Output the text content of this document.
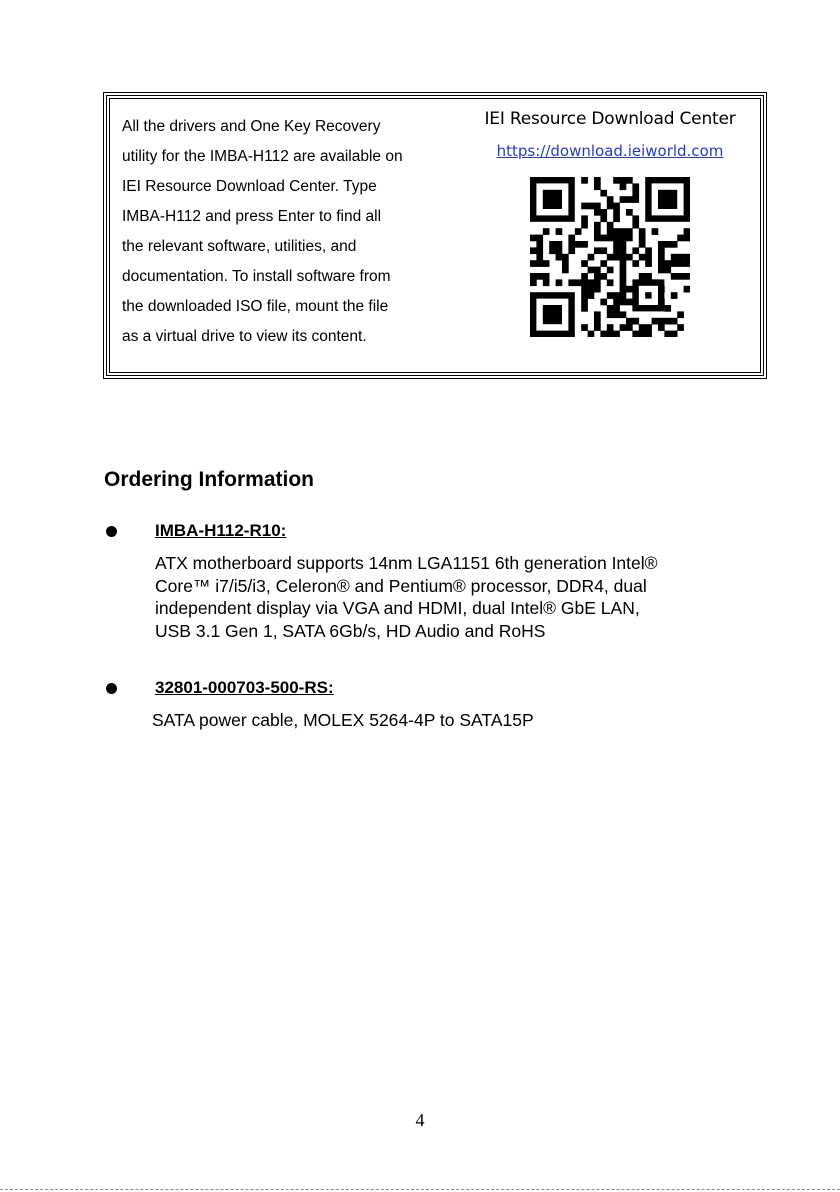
All the drivers and One Key Recovery
utility for the IMBA-H112 are available on
IEI Resource Download Center. Type
IMBA-H112 and press Enter to find all
the relevant software, utilities, and
documentation. To install software from
the downloaded ISO file, mount the file
as a virtual drive to view its content.
IEI Resource Download Center
https://download.ieiworld.com
Ordering Information
IMBA-H112-R10:
ATX motherboard supports 14nm LGA1151 6th generation Intel®
Core™ i7/i5/i3, Celeron® and Pentium® processor, DDR4, dual
independent display via VGA and HDMI, dual Intel® GbE LAN,
USB 3.1 Gen 1, SATA 6Gb/s, HD Audio and RoHS
32801-000703-500-RS:
SATA power cable, MOLEX 5264-4P to SATA15P
4
